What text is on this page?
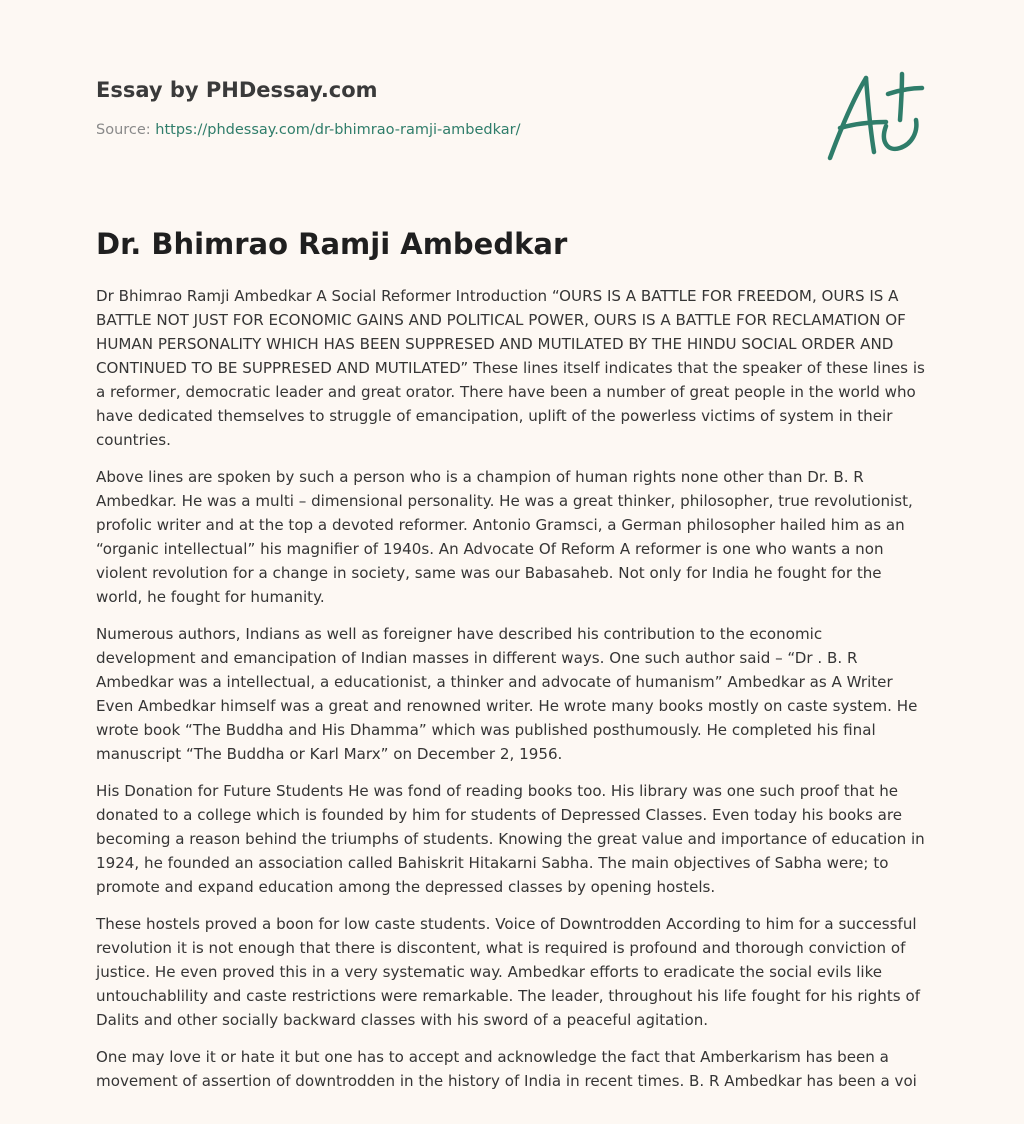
Essay by PHDessay.com
Source: https://phdessay.com/dr-bhimrao-ramji-ambedkar/
Dr. Bhimrao Ramji Ambedkar

Dr Bhimrao Ramji Ambedkar A Social Reformer Introduction “OURS IS A BATTLE FOR FREEDOM, OURS IS A BATTLE NOT JUST FOR ECONOMIC GAINS AND POLITICAL POWER, OURS IS A BATTLE FOR RECLAMATION OF HUMAN PERSONALITY WHICH HAS BEEN SUPPRESED AND MUTILATED BY THE HINDU SOCIAL ORDER AND CONTINUED TO BE SUPPRESED AND MUTILATED” These lines itself indicates that the speaker of these lines is a reformer, democratic leader and great orator. There have been a number of great people in the world who have dedicated themselves to struggle of emancipation, uplift of the powerless victims of system in their countries.

Above lines are spoken by such a person who is a champion of human rights none other than Dr. B. R Ambedkar. He was a multi – dimensional personality. He was a great thinker, philosopher, true revolutionist, profolic writer and at the top a devoted reformer. Antonio Gramsci, a German philosopher hailed him as an “organic intellectual” his magnifier of 1940s. An Advocate Of Reform A reformer is one who wants a non violent revolution for a change in society, same was our Babasaheb. Not only for India he fought for the world, he fought for humanity.

Numerous authors, Indians as well as foreigner have described his contribution to the economic development and emancipation of Indian masses in different ways. One such author said – “Dr . B. R Ambedkar was a intellectual, a educationist, a thinker and advocate of humanism” Ambedkar as A Writer Even Ambedkar himself was a great and renowned writer. He wrote many books mostly on caste system. He wrote book “The Buddha and His Dhamma” which was published posthumously. He completed his final manuscript “The Buddha or Karl Marx” on December 2, 1956.

His Donation for Future Students He was fond of reading books too. His library was one such proof that he donated to a college which is founded by him for students of Depressed Classes. Even today his books are becoming a reason behind the triumphs of students. Knowing the great value and importance of education in 1924, he founded an association called Bahiskrit Hitakarni Sabha. The main objectives of Sabha were; to promote and expand education among the depressed classes by opening hostels.

These hostels proved a boon for low caste students. Voice of Downtrodden According to him for a successful revolution it is not enough that there is discontent, what is required is profound and thorough conviction of justice. He even proved this in a very systematic way. Ambedkar efforts to eradicate the social evils like untouchablility and caste restrictions were remarkable. The leader, throughout his life fought for his rights of Dalits and other socially backward classes with his sword of a peaceful agitation.

One may love it or hate it but one has to accept and acknowledge the fact that Amberkarism has been a movement of assertion of downtrodden in the history of India in recent times. B. R Ambedkar has been a voi
